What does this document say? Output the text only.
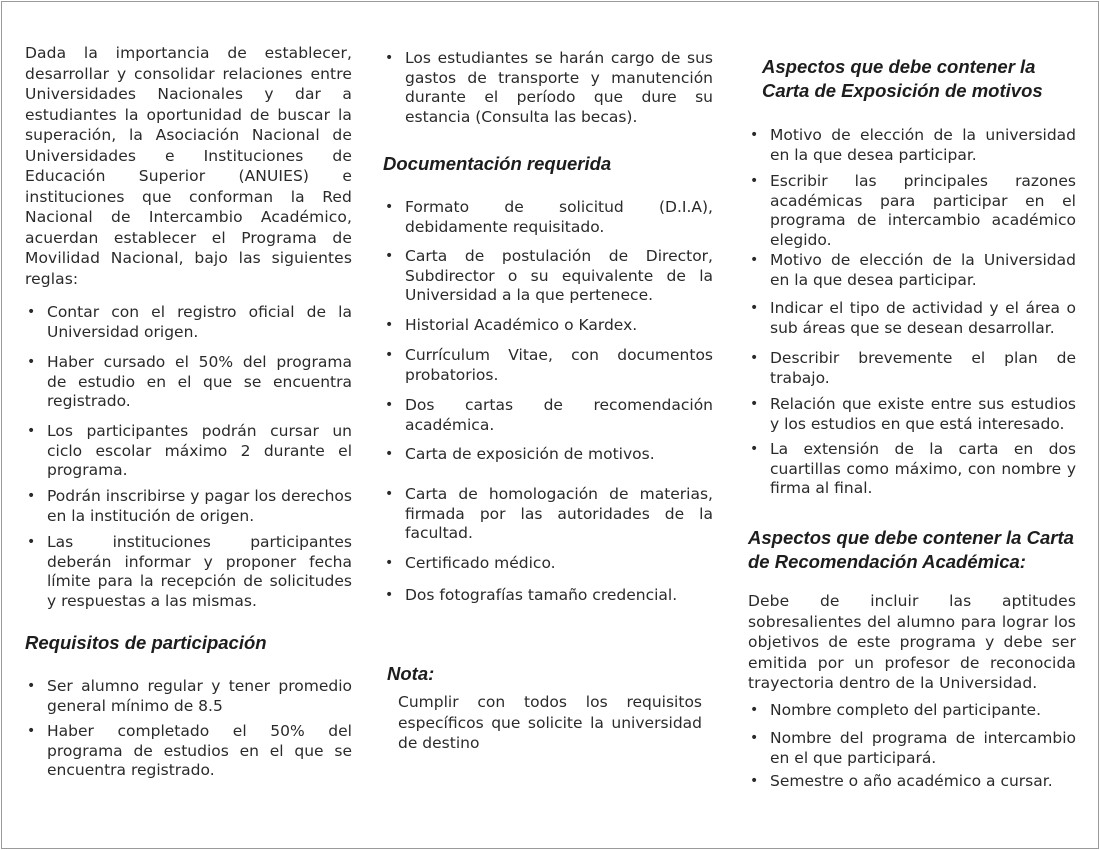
Dada la importancia de establecer, desarrollar y consolidar relaciones entre Universidades Nacionales y dar a estudiantes la oportunidad de buscar la superación, la Asociación Nacional de Universidades e Instituciones de Educación Superior (ANUIES) e instituciones que conforman la Red Nacional de Intercambio Académico, acuerdan establecer el Programa de Movilidad Nacional, bajo las siguientes reglas:

• Contar con el registro oficial de la Universidad origen.
• Haber cursado el 50% del programa de estudio en el que se encuentra registrado.
• Los participantes podrán cursar un ciclo escolar máximo 2 durante el programa.
• Podrán inscribirse y pagar los derechos en la institución de origen.
• Las instituciones participantes deberán informar y proponer fecha límite para la recepción de solicitudes y respuestas a las mismas.
Requisitos de participación
• Ser alumno regular y tener promedio general mínimo de 8.5
• Haber completado el 50% del programa de estudios en el que se encuentra registrado.
• Los estudiantes se harán cargo de sus gastos de transporte y manutención durante el período que dure su estancia (Consulta las becas).
Documentación requerida
• Formato de solicitud (D.I.A), debidamente requisitado.
• Carta de postulación de Director, Subdirector o su equivalente de la Universidad a la que pertenece.
• Historial Académico o Kardex.
• Currículum Vitae, con documentos probatorios.
• Dos cartas de recomendación académica.
• Carta de exposición de motivos.
• Carta de homologación de materias, firmada por las autoridades de la facultad.
• Certificado médico.
• Dos fotografías tamaño credencial.
Nota:

Cumplir con todos los requisitos específicos que solicite la universidad de destino

Aspectos que debe contener la Carta de Exposición de motivos
• Motivo de elección de la universidad en la que desea participar.
• Escribir las principales razones académicas para participar en el programa de intercambio académico elegido.
• Motivo de elección de la Universidad en la que desea participar.
• Indicar el tipo de actividad y el área o sub áreas que se desean desarrollar.
• Describir brevemente el plan de trabajo.
• Relación que existe entre sus estudios y los estudios en que está interesado.
• La extensión de la carta en dos cuartillas como máximo, con nombre y firma al final.
Aspectos que debe contener la Carta de Recomendación Académica:

Debe de incluir las aptitudes sobresalientes del alumno para lograr los objetivos de este programa y debe ser emitida por un profesor de reconocida trayectoria dentro de la Universidad.

• Nombre completo del participante.
• Nombre del programa de intercambio en el que participará.
• Semestre o año académico a cursar.
